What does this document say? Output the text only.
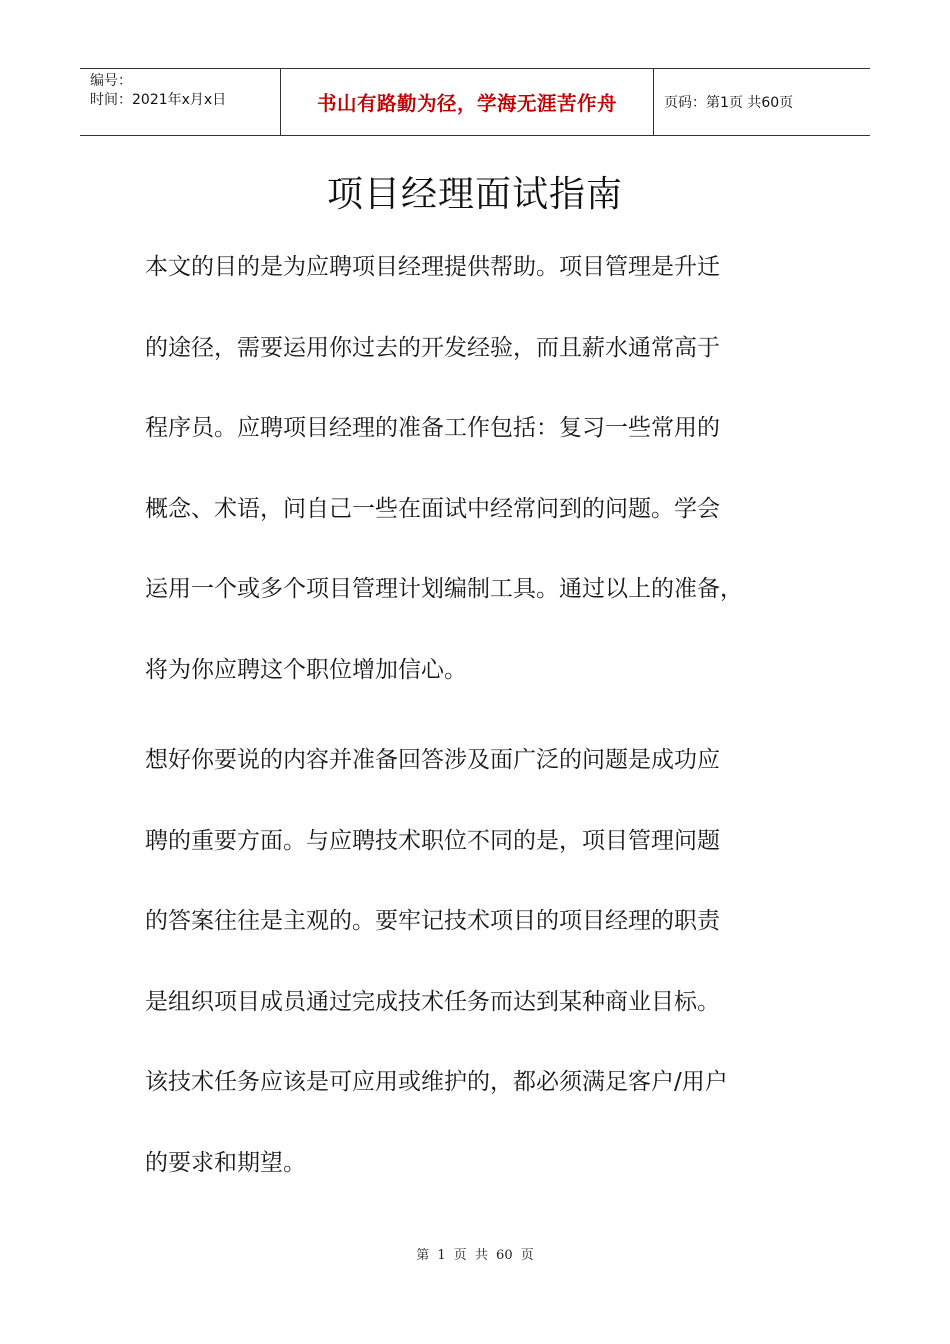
编号：
时间：2021年x月x日	书山有路勤为径，学海无涯苦作舟	页码：第1页 共60页
项目经理面试指南
本文的目的是为应聘项目经理提供帮助。项目管理是升迁
的途径，需要运用你过去的开发经验，而且薪水通常高于
程序员。应聘项目经理的准备工作包括：复习一些常用的
概念、术语，问自己一些在面试中经常问到的问题。学会
运用一个或多个项目管理计划编制工具。通过以上的准备，
将为你应聘这个职位增加信心。
想好你要说的内容并准备回答涉及面广泛的问题是成功应
聘的重要方面。与应聘技术职位不同的是，项目管理问题
的答案往往是主观的。要牢记技术项目的项目经理的职责
是组织项目成员通过完成技术任务而达到某种商业目标。
该技术任务应该是可应用或维护的，都必须满足客户/用户
的要求和期望。
第 1 页 共 60 页
